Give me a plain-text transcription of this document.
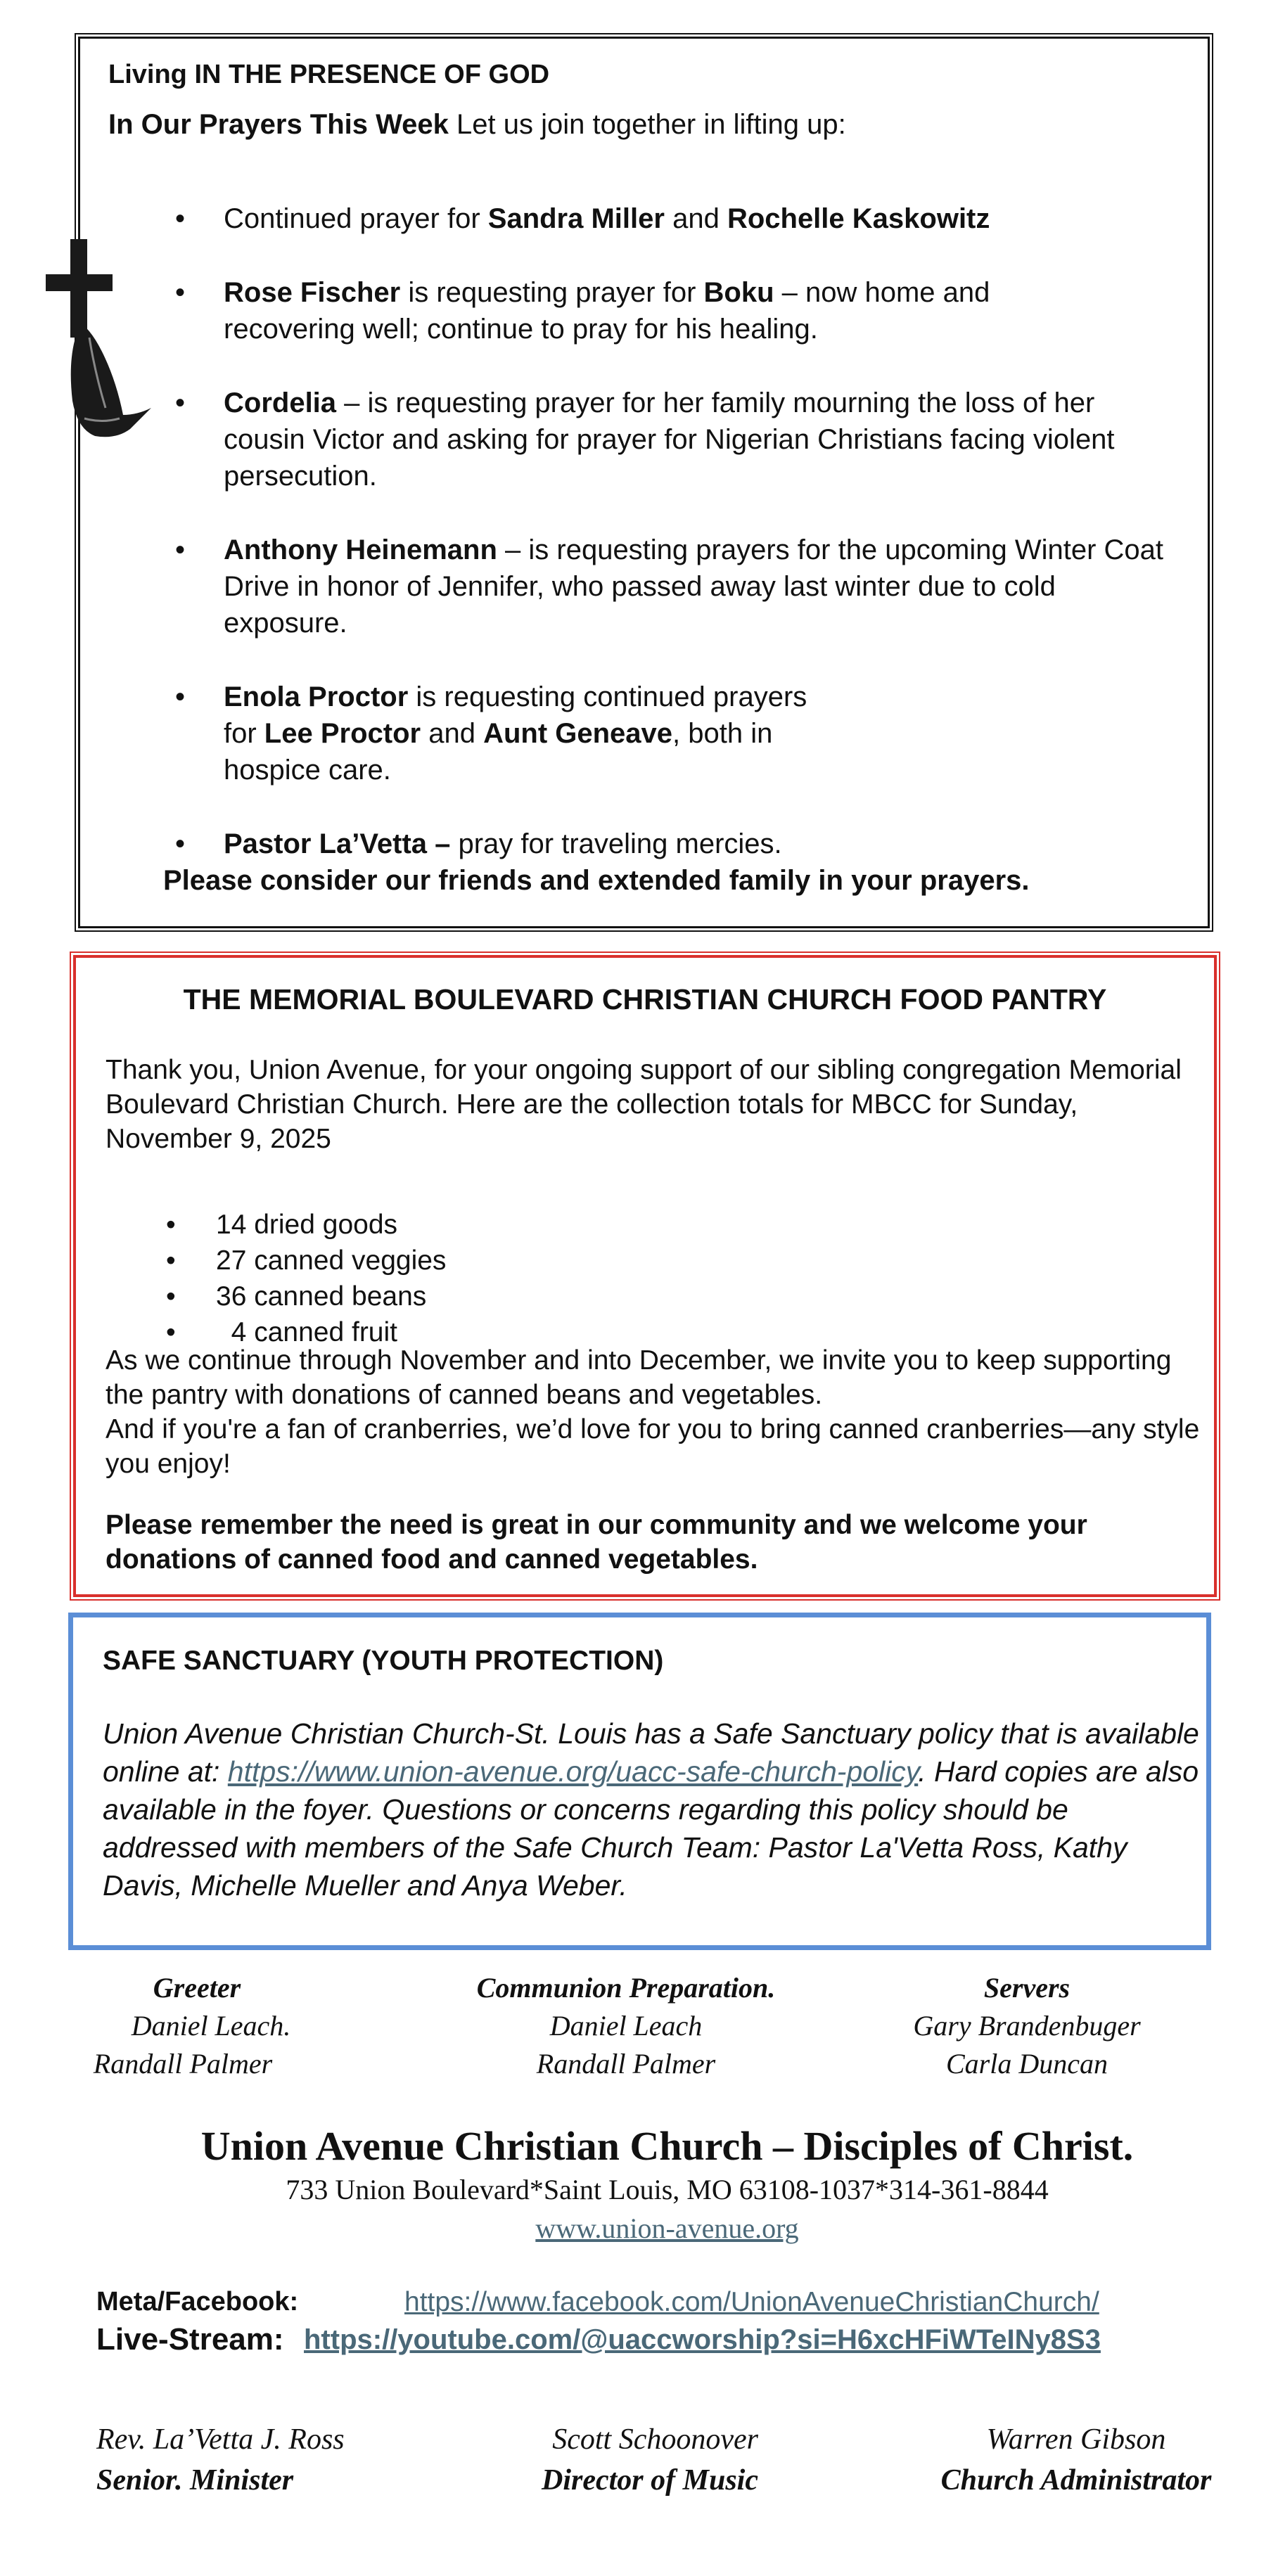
Living IN THE PRESENCE OF GOD
In Our Prayers This Week Let us join together in lifting up:
• Continued prayer for Sandra Miller and Rochelle Kaskowitz
• Rose Fischer is requesting prayer for Boku – now home and recovering well; continue to pray for his healing.
• Cordelia – is requesting prayer for her family mourning the loss of her cousin Victor and asking for prayer for Nigerian Christians facing violent persecution.
• Anthony Heinemann – is requesting prayers for the upcoming Winter Coat Drive in honor of Jennifer, who passed away last winter due to cold exposure.
• Enola Proctor is requesting continued prayers for Lee Proctor and Aunt Geneave, both in hospice care.
• Pastor La’Vetta – pray for traveling mercies.
Please consider our friends and extended family in your prayers.
THE MEMORIAL BOULEVARD CHRISTIAN CHURCH FOOD PANTRY
Thank you, Union Avenue, for your ongoing support of our sibling congregation Memorial Boulevard Christian Church. Here are the collection totals for MBCC for Sunday, November 9, 2025
• 14 dried goods
• 27 canned veggies
• 36 canned beans
•   4 canned fruit
As we continue through November and into December, we invite you to keep supporting the pantry with donations of canned beans and vegetables.
And if you're a fan of cranberries, we’d love for you to bring canned cranberries—any style you enjoy!
Please remember the need is great in our community and we welcome your donations of canned food and canned vegetables.
SAFE SANCTUARY (YOUTH PROTECTION)
Union Avenue Christian Church-St. Louis has a Safe Sanctuary policy that is available online at: https://www.union-avenue.org/uacc-safe-church-policy. Hard copies are also available in the foyer. Questions or concerns regarding this policy should be addressed with members of the Safe Church Team: Pastor La'Vetta Ross, Kathy Davis, Michelle Mueller and Anya Weber.
Greeter
Daniel Leach.
Randall Palmer
Communion Preparation.
Daniel Leach
Randall Palmer
Servers
Gary Brandenbuger
Carla Duncan
Union Avenue Christian Church – Disciples of Christ.
733 Union Boulevard*Saint Louis, MO 63108-1037*314-361-8844
www.union-avenue.org
Meta/Facebook:	https://www.facebook.com/UnionAvenueChristianChurch/
Live-Stream: https://youtube.com/@uaccworship?si=H6xcHFiWTeINy8S3
Rev. La’Vetta J. Ross
Senior. Minister
Scott Schoonover
Director of Music
Warren Gibson
Church Administrator
